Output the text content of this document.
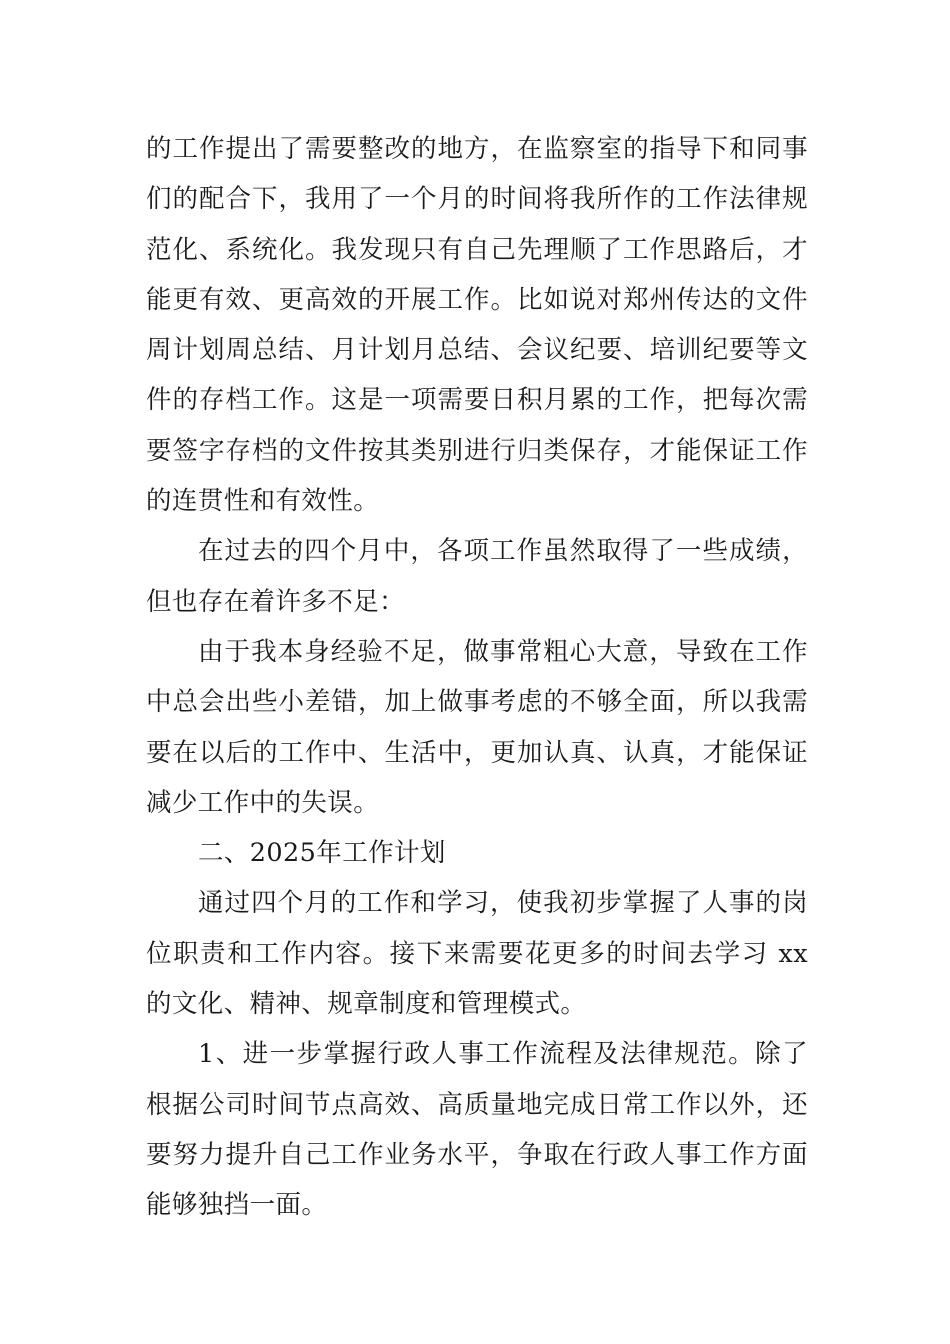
的工作提出了需要整改的地方，在监察室的指导下和同事们的配合下，我用了一个月的时间将我所作的工作法律规范化、系统化。我发现只有自己先理顺了工作思路后，才能更有效、更高效的开展工作。比如说对郑州传达的文件周计划周总结、月计划月总结、会议纪要、培训纪要等文件的存档工作。这是一项需要日积月累的工作，把每次需要签字存档的文件按其类别进行归类保存，才能保证工作的连贯性和有效性。

在过去的四个月中，各项工作虽然取得了一些成绩，但也存在着许多不足：

由于我本身经验不足，做事常粗心大意，导致在工作中总会出些小差错，加上做事考虑的不够全面，所以我需要在以后的工作中、生活中，更加认真、认真，才能保证减少工作中的失误。

二、2025年工作计划

通过四个月的工作和学习，使我初步掌握了人事的岗位职责和工作内容。接下来需要花更多的时间去学习 xx 的文化、精神、规章制度和管理模式。

1、进一步掌握行政人事工作流程及法律规范。除了根据公司时间节点高效、高质量地完成日常工作以外，还要努力提升自己工作业务水平，争取在行政人事工作方面能够独挡一面。
